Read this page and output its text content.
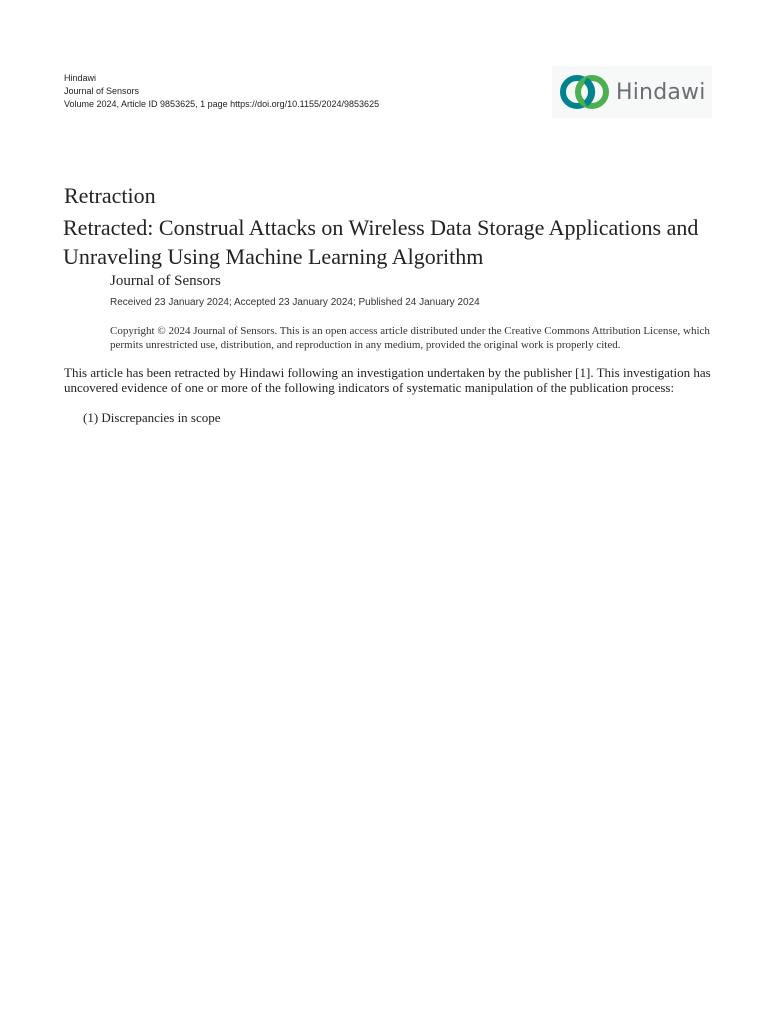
Hindawi
Journal of Sensors
Volume 2024, Article ID 9853625, 1 page https://doi.org/10.1155/2024/9853625	Hindawi
Retraction
Retracted: Construal Attacks on Wireless Data Storage Applications and Unraveling Using Machine Learning Algorithm
Journal of Sensors
Received 23 January 2024; Accepted 23 January 2024; Published 24 January 2024
Copyright © 2024 Journal of Sensors. This is an open access article distributed under the Creative Commons Attribution License, which permits unrestricted use, distribution, and reproduction in any medium, provided the original work is properly cited.
This article has been retracted by Hindawi following an investigation undertaken by the publisher [1]. This investigation has uncovered evidence of one or more of the following indicators of systematic manipulation of the publication process:
(1) Discrepancies in scope
